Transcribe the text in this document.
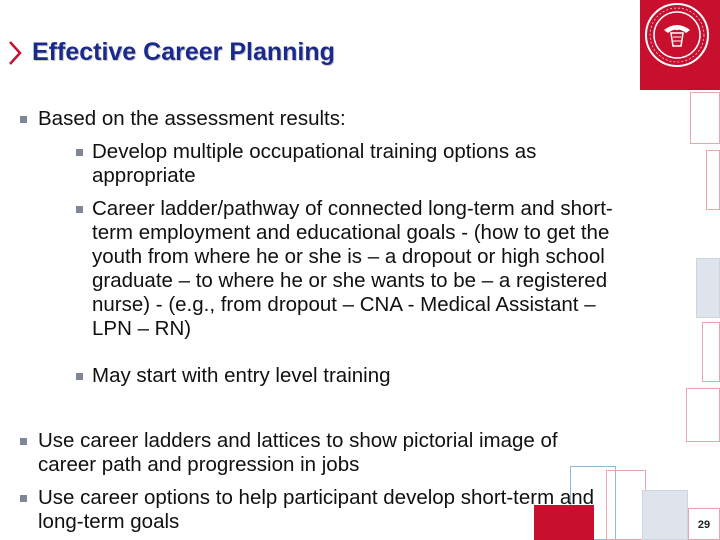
Effective Career Planning
Based on the assessment results:
Develop multiple occupational training options as
appropriate
Career ladder/pathway of connected long-term and short-
term employment and educational goals - (how to get the
youth from where he or she is – a dropout or high school
graduate – to where he or she wants to be – a registered
nurse) - (e.g., from dropout – CNA - Medical Assistant –
LPN – RN)
May start with entry level training
Use career ladders and lattices to show pictorial image of
career path and progression in jobs
Use career options to help participant develop short-term and
long-term goals	29
